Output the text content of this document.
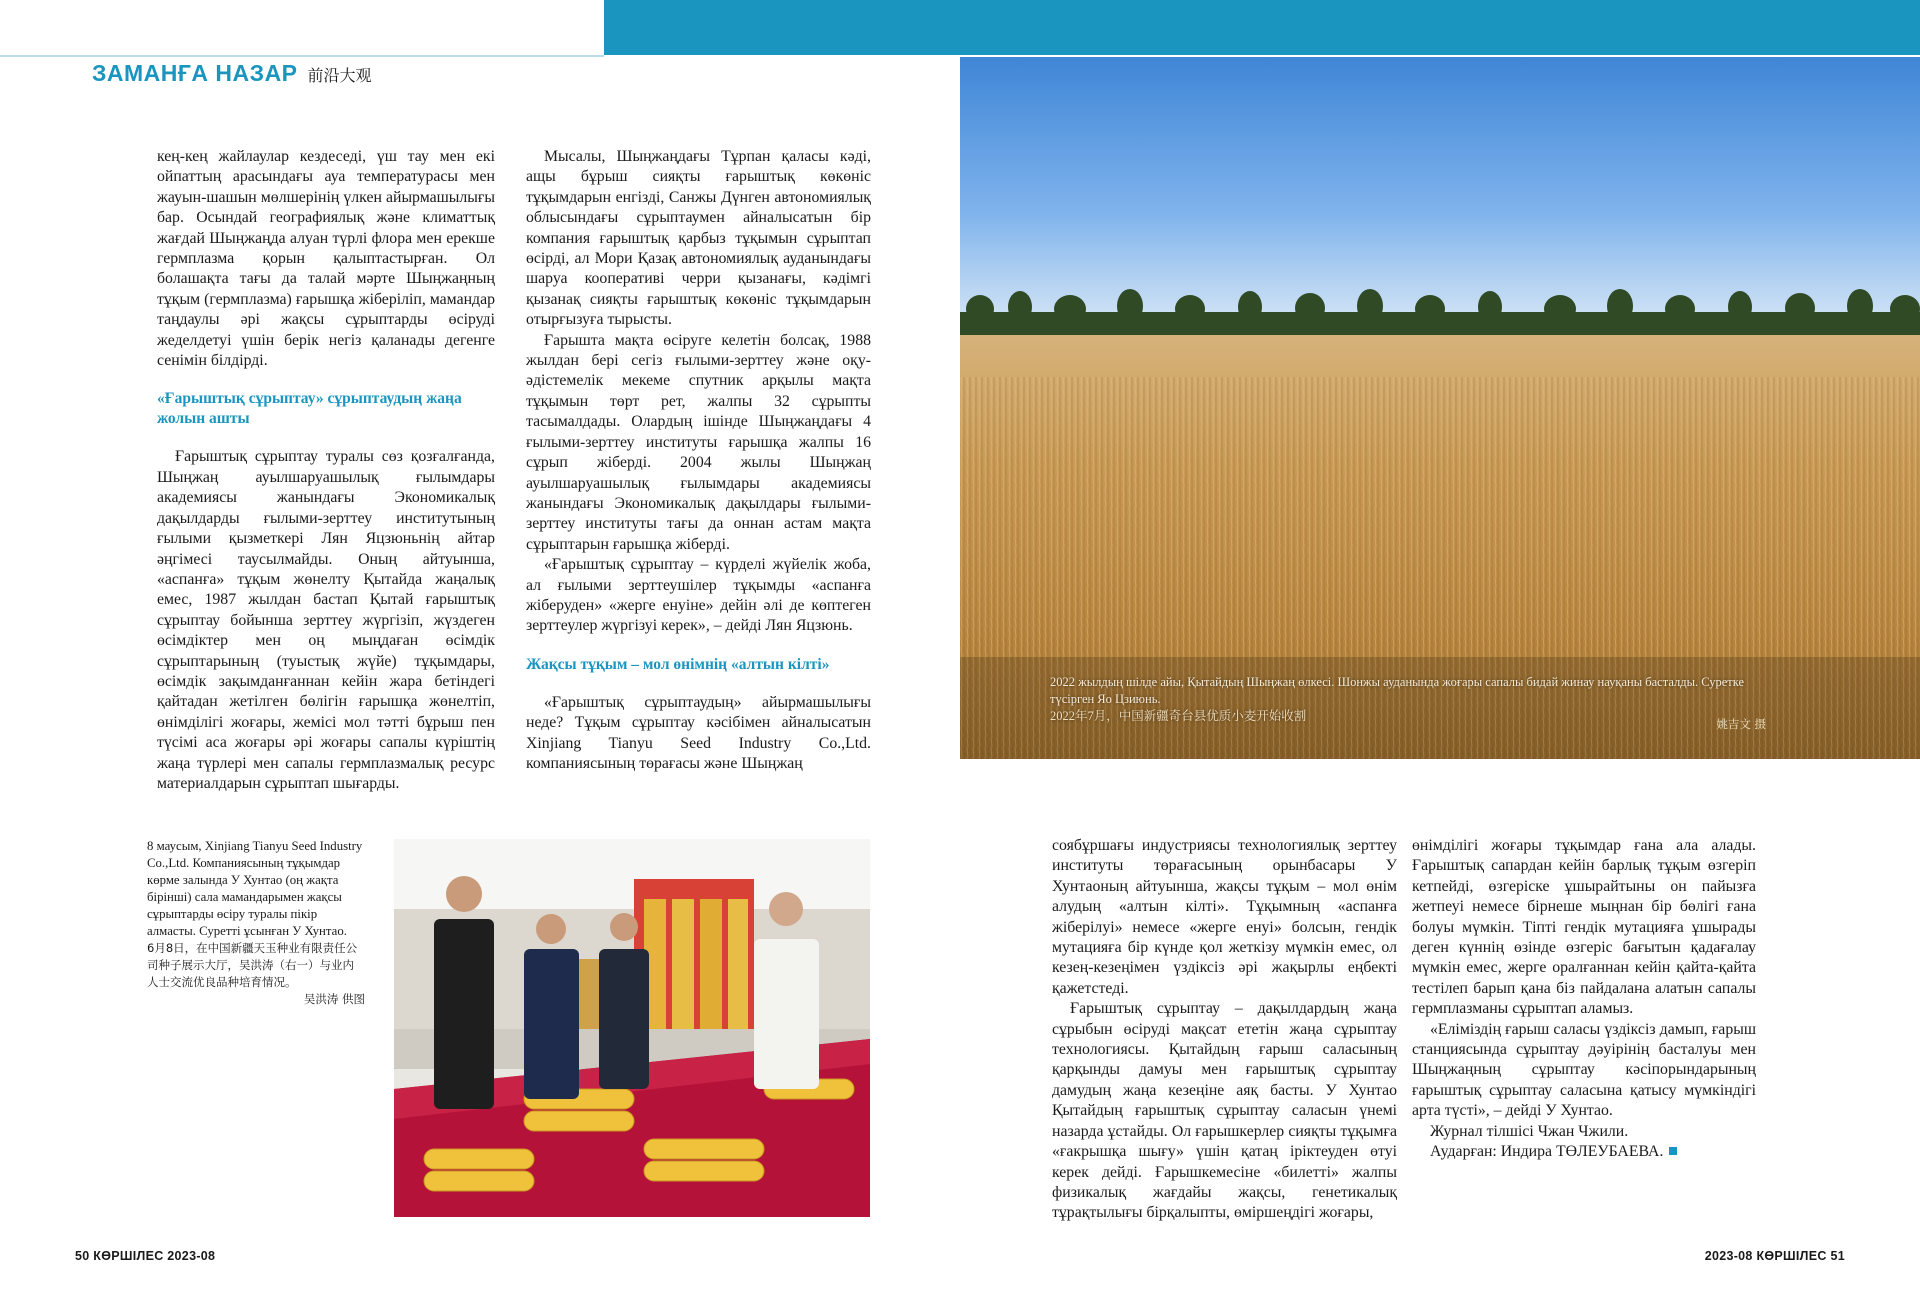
ЗАМАНҒА НАЗАР 前沿大观

кең-кең жайлаулар кездеседі, үш тау мен екі ойпаттың арасындағы ауа температурасы мен жауын-шашын мөлшерінің үлкен айырмашылығы бар. Осындай географиялық және климаттық жағдай Шыңжаңда алуан түрлі флора мен ерекше гермплазма қорын қалыптастырған. Ол болашақта тағы да талай мәрте Шыңжаңның тұқым (гермплазма) ғарышқа жіберіліп, мамандар таңдаулы әрі жақсы сұрыптарды өсіруді жеделдетуі үшін берік негіз қаланады дегенге сенімін білдірді.

«Ғарыштық сұрыптау» сұрыптаудың жаңа жолын ашты

Ғарыштық сұрыптау туралы сөз қозғалғанда, Шыңжаң ауылшаруашылық ғылымдары академиясы жанындағы Экономикалық дақылдарды ғылыми-зерттеу институтының ғылыми қызметкері Лян Яцзюньнің айтар әңгімесі таусылмайды. Оның айтуынша, «аспанға» тұқым жөнелту Қытайда жаңалық емес, 1987 жылдан бастап Қытай ғарыштық сұрыптау бойынша зерттеу жүргізіп, жүздеген өсімдіктер мен оң мыңдаған өсімдік сұрыптарының (туыстық жүйе) тұқымдары, өсімдік зақымданғаннан кейін жара бетіндегі қайтадан жетілген бөлігін ғарышқа жөнелтіп, өнімділігі жоғары, жемісі мол тәтті бұрыш пен түсімі аса жоғары әрі жоғары сапалы күріштің жаңа түрлері мен сапалы гермплазмалық ресурс материалдарын сұрыптап шығарды.

Мысалы, Шыңжаңдағы Тұрпан қаласы кәді, ащы бұрыш сияқты ғарыштық көкөніс тұқымдарын енгізді, Санжы Дүнген автономиялық облысындағы сұрыптаумен айналысатын бір компания ғарыштық қарбыз тұқымын сұрыптап өсірді, ал Мори Қазақ автономиялық ауданындағы шаруа кооперативі черри қызанағы, кәдімгі қызанақ сияқты ғарыштық көкөніс тұқымдарын отырғызуға тырысты.

Ғарышта мақта өсіруге келетін болсақ, 1988 жылдан бері сегіз ғылыми-зерттеу және оқу-әдістемелік мекеме спутник арқылы мақта тұқымын төрт рет, жалпы 32 сұрыпты тасымалдады. Олардың ішінде Шыңжаңдағы 4 ғылыми-зерттеу институты ғарышқа жалпы 16 сұрып жіберді. 2004 жылы Шыңжаң ауылшаруашылық ғылымдары академиясы жанындағы Экономикалық дақылдары ғылыми-зерттеу институты тағы да оннан астам мақта сұрыптарын ғарышқа жіберді.

«Ғарыштық сұрыптау – күрделі жүйелік жоба, ал ғылыми зерттеушілер тұқымды «аспанға жіберуден» «жерге енуіне» дейін әлі де көптеген зерттеулер жүргізуі керек», – дейді Лян Яцзюнь.

Жақсы тұқым – мол өнімнің «алтын кілті»

«Ғарыштық сұрыптаудың» айырмашылығы неде? Тұқым сұрыптау кәсібімен айналысатын Xinjiang Tianyu Seed Industry Co.,Ltd. компаниясының төрағасы және Шыңжаң

2022 жылдың шілде айы, Қытайдың Шыңжаң өлкесі. Шонжы ауданында жоғары сапалы бидай жинау науқаны басталды. Суретке түсірген Яо Цзиюнь.
2022年7月，中国新疆奇台县优质小麦开始收割
姚吉文 摄
8 маусым, Xinjiang Tianyu Seed Industry Co.,Ltd. Компаниясының тұқымдар көрме залында У Хунтао (оң жақта бірінші) сала мамандарымен жақсы сұрыптарды өсіру туралы пікір алмасты. Суретті ұсынған У Хунтао.
6月8日，在中国新疆天玉种业有限责任公司种子展示大厅，吴洪涛（右一）与业内人士交流优良品种培育情况。
吴洪涛 供图

соябұршағы индустриясы технологиялық зерттеу институты төрағасының орынбасары У Хунтаоның айтуынша, жақсы тұқым – мол өнім алудың «алтын кілті». Тұқымның «аспанға жіберілуі» немесе «жерге енуі» болсын, гендік мутацияға бір күнде қол жеткізу мүмкін емес, ол кезең-кезеңімен үздіксіз әрі жақырлы еңбекті қажетстеді.

Ғарыштық сұрыптау – дақылдардың жаңа сұрыбын өсіруді мақсат ететін жаңа сұрыптау технологиясы. Қытайдың ғарыш саласының қарқынды дамуы мен ғарыштық сұрыптау дамудың жаңа кезеңіне аяқ басты. У Хунтао Қытайдың ғарыштық сұрыптау саласын үнемі назарда ұстайды. Ол ғарышкерлер сияқты тұқымға «ғакрышқа шығу» үшін қатаң іріктеуден өтуі керек дейді. Ғарышкемесіне «билетті» жалпы физикалық жағдайы жақсы, генетикалық тұрақтылығы бірқалыпты, өміршеңдігі жоғары,

өнімділігі жоғары тұқымдар ғана ала алады. Ғарыштық сапардан кейін барлық тұқым өзгеріп кетпейді, өзгеріске ұшырайтыны он пайызға жетпеуі немесе бірнеше мыңнан бір бөлігі ғана болуы мүмкін. Тіпті гендік мутацияға ұшырады деген күннің өзінде өзгеріс бағытын қадағалау мүмкін емес, жерге оралғаннан кейін қайта-қайта тестілеп барып қана біз пайдалана алатын сапалы гермплазманы сұрыптап аламыз.

«Еліміздің ғарыш саласы үздіксіз дамып, ғарыш станциясында сұрыптау дәуірінің басталуы мен Шыңжаңның сұрыптау кәсіпорындарының ғарыштық сұрыптау саласына қатысу мүмкіндігі арта түсті», – дейді У Хунтао.

Журнал тілшісі Чжан Чжили.

Аударған: Индира ТӨЛЕУБАЕВА.

50 КӨРШІЛЕС 2023-08	2023-08 КӨРШІЛЕС 51
